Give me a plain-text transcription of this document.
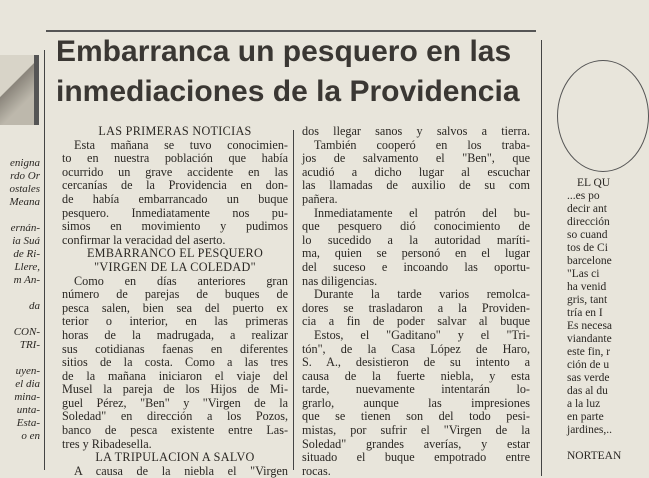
enigna
rdo Or
ostales
Meana

ernán-
ia Suá
de Ri-
Llere,
m An-

da

CON-
TRI-

uyen-
el dia
mina-
unta-
Esta-
o en
Embarranca un pesquero en las
inmediaciones de la Providencia
LAS PRIMERAS NOTICIAS
Esta mañana se tuvo conocimien-
to en nuestra población que había
ocurrido un grave accidente en las
cercanías de la Providencia en don-
de había embarrancado un buque
pesquero. Inmediatamente nos pu-
simos en movimiento y pudimos
confirmar la veracidad del aserto.
EMBARRANCO EL PESQUERO
"VIRGEN DE LA COLEDAD"
Como en días anteriores gran
número de parejas de buques de
pesca salen, bien sea del puerto ex
terior o interior, en las primeras
horas de la madrugada, a realizar
sus cotidianas faenas en diferentes
sitios de la costa. Como a las tres
de la mañana iniciaron el viaje del
Musel la pareja de los Hijos de Mi-
guel Pérez, "Ben" y "Virgen de la
Soledad" en dirección a los Pozos,
banco de pesca existente entre Las-
tres y Ribadesella.
LA TRIPULACION A SALVO
A causa de la niebla el "Virgen
dos llegar sanos y salvos a tierra.
También cooperó en los traba-
jos de salvamento el "Ben", que
acudió a dicho lugar al escuchar
las llamadas de auxilio de su com
pañera.
Inmediatamente el patrón del bu-
que pesquero dió conocimiento de
lo sucedido a la autoridad maríti-
ma, quien se personó en el lugar
del suceso e incoando las oportu-
nas diligencias.
Durante la tarde varios remolca-
dores se trasladaron a la Providen-
cia a fin de poder salvar al buque
Estos, el "Gaditano" y el "Tri-
tón", de la Casa López de Haro,
S. A., desistieron de su intento a
causa de la fuerte niebla, y esta
tarde, nuevamente intentarán lo-
grarlo, aunque las impresiones
que se tienen son del todo pesi-
mistas, por sufrir el "Virgen de la
Soledad" grandes averías, y estar
situado el buque empotrado entre
rocas.
EL QU
...es po
decir ant
dirección
so cuand
tos de Ci
barcelone
"Las ci
ha venid
gris, tant
tría en I
Es necesa
viandante
este fin, r
ción de u
sas verde
das al du
a la luz
en parte
jardines,..

NORTEAN
